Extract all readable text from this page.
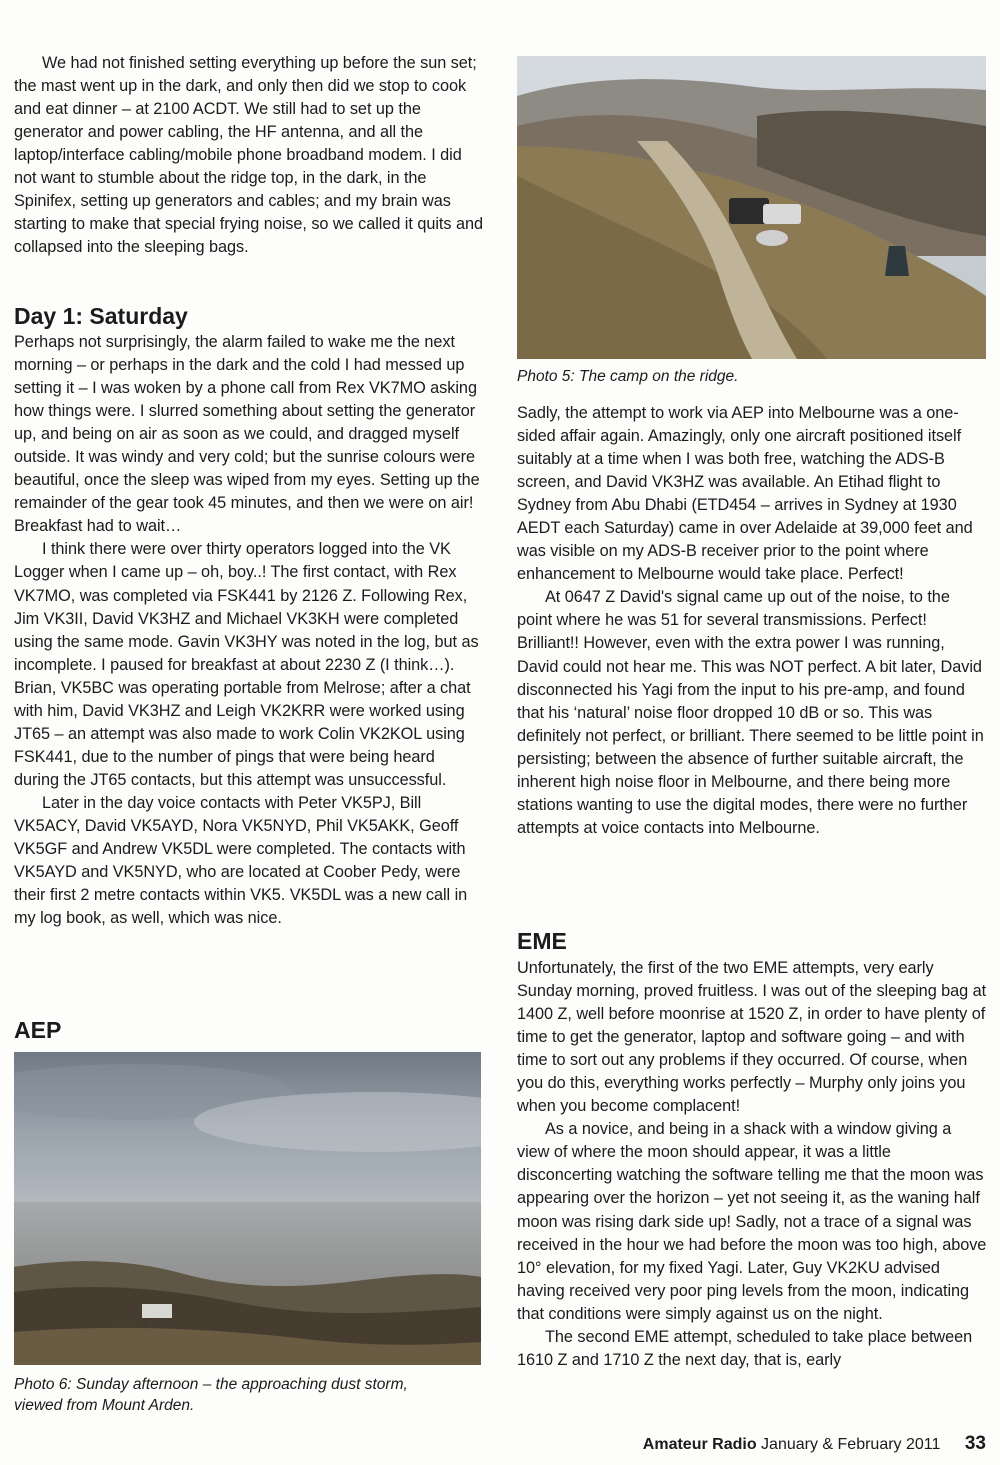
We had not finished setting everything up before the sun set; the mast went up in the dark, and only then did we stop to cook and eat dinner – at 2100 ACDT. We still had to set up the generator and power cabling, the HF antenna, and all the laptop/interface cabling/mobile phone broadband modem. I did not want to stumble about the ridge top, in the dark, in the Spinifex, setting up generators and cables; and my brain was starting to make that special frying noise, so we called it quits and collapsed into the sleeping bags.

Day 1: Saturday

Perhaps not surprisingly, the alarm failed to wake me the next morning – or perhaps in the dark and the cold I had messed up setting it – I was woken by a phone call from Rex VK7MO asking how things were. I slurred something about setting the generator up, and being on air as soon as we could, and dragged myself outside. It was windy and very cold; but the sunrise colours were beautiful, once the sleep was wiped from my eyes. Setting up the remainder of the gear took 45 minutes, and then we were on air! Breakfast had to wait…

I think there were over thirty operators logged into the VK Logger when I came up – oh, boy..! The first contact, with Rex VK7MO, was completed via FSK441 by 2126 Z. Following Rex, Jim VK3II, David VK3HZ and Michael VK3KH were completed using the same mode. Gavin VK3HY was noted in the log, but as incomplete. I paused for breakfast at about 2230 Z (I think…). Brian, VK5BC was operating portable from Melrose; after a chat with him, David VK3HZ and Leigh VK2KRR were worked using JT65 – an attempt was also made to work Colin VK2KOL using FSK441, due to the number of pings that were being heard during the JT65 contacts, but this attempt was unsuccessful.

Later in the day voice contacts with Peter VK5PJ, Bill VK5ACY, David VK5AYD, Nora VK5NYD, Phil VK5AKK, Geoff VK5GF and Andrew VK5DL were completed. The contacts with VK5AYD and VK5NYD, who are located at Coober Pedy, were their first 2 metre contacts within VK5. VK5DL was a new call in my log book, as well, which was nice.

AEP
Photo 6: Sunday afternoon – the approaching dust storm,
viewed from Mount Arden.
Photo 5: The camp on the ridge.

Sadly, the attempt to work via AEP into Melbourne was a one-sided affair again. Amazingly, only one aircraft positioned itself suitably at a time when I was both free, watching the ADS-B screen, and David VK3HZ was available. An Etihad flight to Sydney from Abu Dhabi (ETD454 – arrives in Sydney at 1930 AEDT each Saturday) came in over Adelaide at 39,000 feet and was visible on my ADS-B receiver prior to the point where enhancement to Melbourne would take place. Perfect!

At 0647 Z David's signal came up out of the noise, to the point where he was 51 for several transmissions. Perfect! Brilliant!! However, even with the extra power I was running, David could not hear me. This was NOT perfect. A bit later, David disconnected his Yagi from the input to his pre-amp, and found that his ‘natural’ noise floor dropped 10 dB or so. This was definitely not perfect, or brilliant. There seemed to be little point in persisting; between the absence of further suitable aircraft, the inherent high noise floor in Melbourne, and there being more stations wanting to use the digital modes, there were no further attempts at voice contacts into Melbourne.

EME

Unfortunately, the first of the two EME attempts, very early Sunday morning, proved fruitless. I was out of the sleeping bag at 1400 Z, well before moonrise at 1520 Z, in order to have plenty of time to get the generator, laptop and software going – and with time to sort out any problems if they occurred. Of course, when you do this, everything works perfectly – Murphy only joins you when you become complacent!

As a novice, and being in a shack with a window giving a view of where the moon should appear, it was a little disconcerting watching the software telling me that the moon was appearing over the horizon – yet not seeing it, as the waning half moon was rising dark side up! Sadly, not a trace of a signal was received in the hour we had before the moon was too high, above 10° elevation, for my fixed Yagi. Later, Guy VK2KU advised having received very poor ping levels from the moon, indicating that conditions were simply against us on the night.

The second EME attempt, scheduled to take place between 1610 Z and 1710 Z the next day, that is, early

Amateur Radio January & February 2011 33
